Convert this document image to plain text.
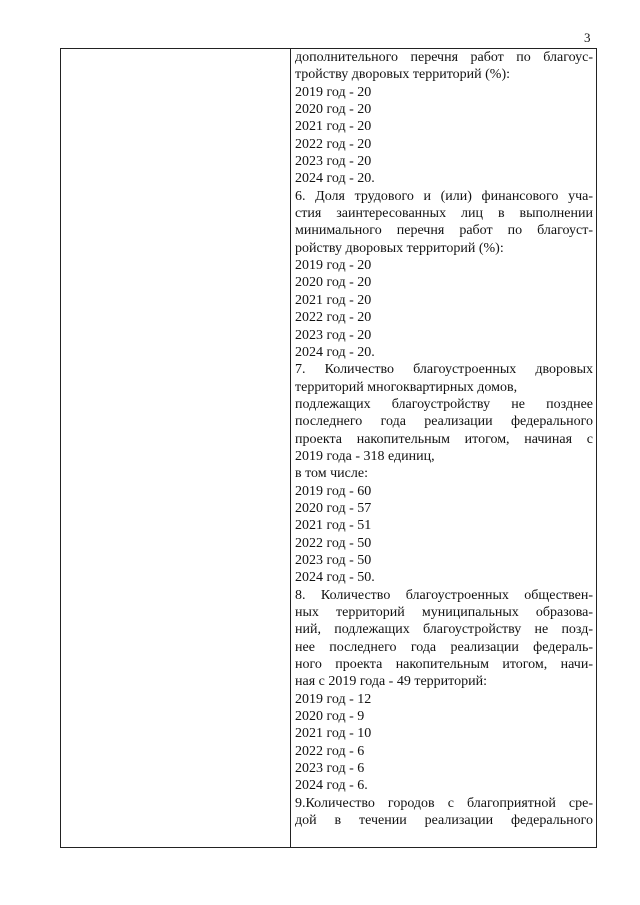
3
дополнительного перечня работ по благоус-
тройству дворовых территорий (%):
2019 год - 20
2020 год - 20
2021 год - 20
2022 год - 20
2023 год - 20
2024 год - 20.
6. Доля трудового и (или) финансового уча-
стия заинтересованных лиц в выполнении
минимального перечня работ по благоуст-
ройству дворовых территорий (%):
2019 год - 20
2020 год - 20
2021 год - 20
2022 год - 20
2023 год - 20
2024 год - 20.
7. Количество благоустроенных дворовых
территорий многоквартирных домов,
подлежащих благоустройству не позднее
последнего года реализации федерального
проекта накопительным итогом, начиная с
2019 года - 318 единиц,
в том числе:
2019 год - 60
2020 год - 57
2021 год - 51
2022 год - 50
2023 год - 50
2024 год - 50.
8. Количество благоустроенных обществен-
ных территорий муниципальных образова-
ний, подлежащих благоустройству не позд-
нее последнего года реализации федераль-
ного проекта накопительным итогом, начи-
ная с 2019 года - 49 территорий:
2019 год - 12
2020 год - 9
2021 год - 10
2022 год - 6
2023 год - 6
2024 год - 6.
9.Количество городов с благоприятной сре-
дой в течении реализации федерального
